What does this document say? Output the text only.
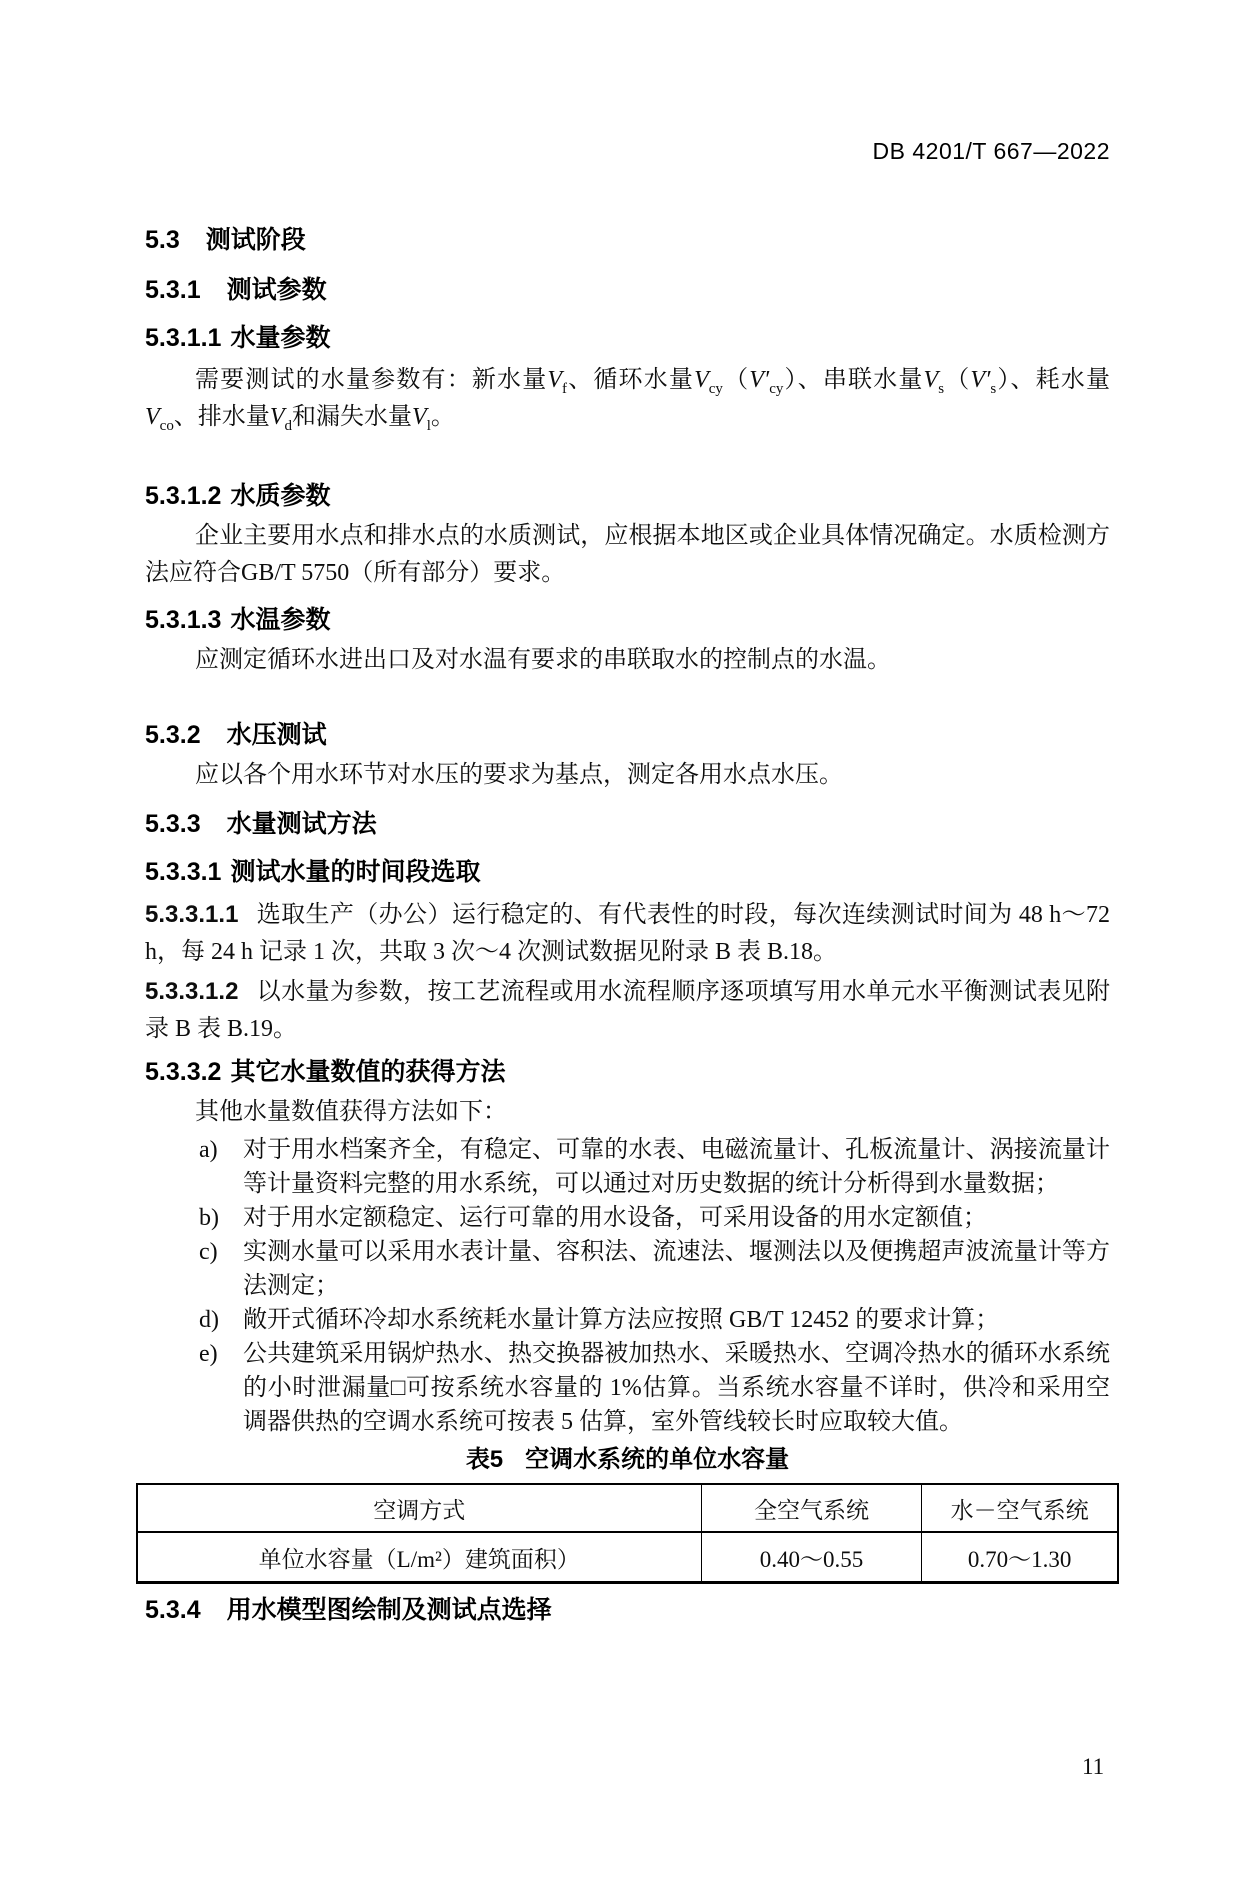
DB 4201/T 667—2022
5.3 测试阶段
5.3.1 测试参数
5.3.1.1 水量参数

需要测试的水量参数有：新水量$V_f$、循环水量$V_{cy}(V'_{cy})$、串联水量$V_s(V'_s)$、耗水量$V_{co}$、排水量$V_d$和漏失水量$V_l$。

5.3.1.2 水质参数

企业主要用水点和排水点的水质测试，应根据本地区或企业具体情况确定。水质检测方法应符合GB/T 5750（所有部分）要求。

5.3.1.3 水温参数

应测定循环水进出口及对水温有要求的串联取水的控制点的水温。

5.3.2 水压测试

应以各个用水环节对水压的要求为基点，测定各用水点水压。

5.3.3 水量测试方法
5.3.3.1 测试水量的时间段选取

5.3.3.1.1 选取生产（办公）运行稳定的、有代表性的时段，每次连续测试时间为 48 h～72 h，每 24 h 记录 1 次，共取 3 次～4 次测试数据见附录 B 表 B.18。

5.3.3.1.2 以水量为参数，按工艺流程或用水流程顺序逐项填写用水单元水平衡测试表见附录 B 表 B.19。

5.3.3.2 其它水量数值的获得方法

其他水量数值获得方法如下：

a) 对于用水档案齐全，有稳定、可靠的水表、电磁流量计、孔板流量计、涡接流量计等计量资料完整的用水系统，可以通过对历史数据的统计分析得到水量数据；
b) 对于用水定额稳定、运行可靠的用水设备，可采用设备的用水定额值；
c) 实测水量可以采用水表计量、容积法、流速法、堰测法以及便携超声波流量计等方法测定；
d) 敞开式循环冷却水系统耗水量计算方法应按照 GB/T 12452 的要求计算；
e) 公共建筑采用锅炉热水、热交换器被加热水、采暖热水、空调冷热水的循环水系统的小时泄漏量□可按系统水容量的 1%估算。当系统水容量不详时，供冷和采用空调器供热的空调水系统可按表 5 估算，室外管线较长时应取较大值。
表5 空调水系统的单位水容量
空调方式	全空气系统	水－空气系统
单位水容量（L/m²）建筑面积）	0.40～0.55	0.70～1.30
5.3.4 用水模型图绘制及测试点选择
11
